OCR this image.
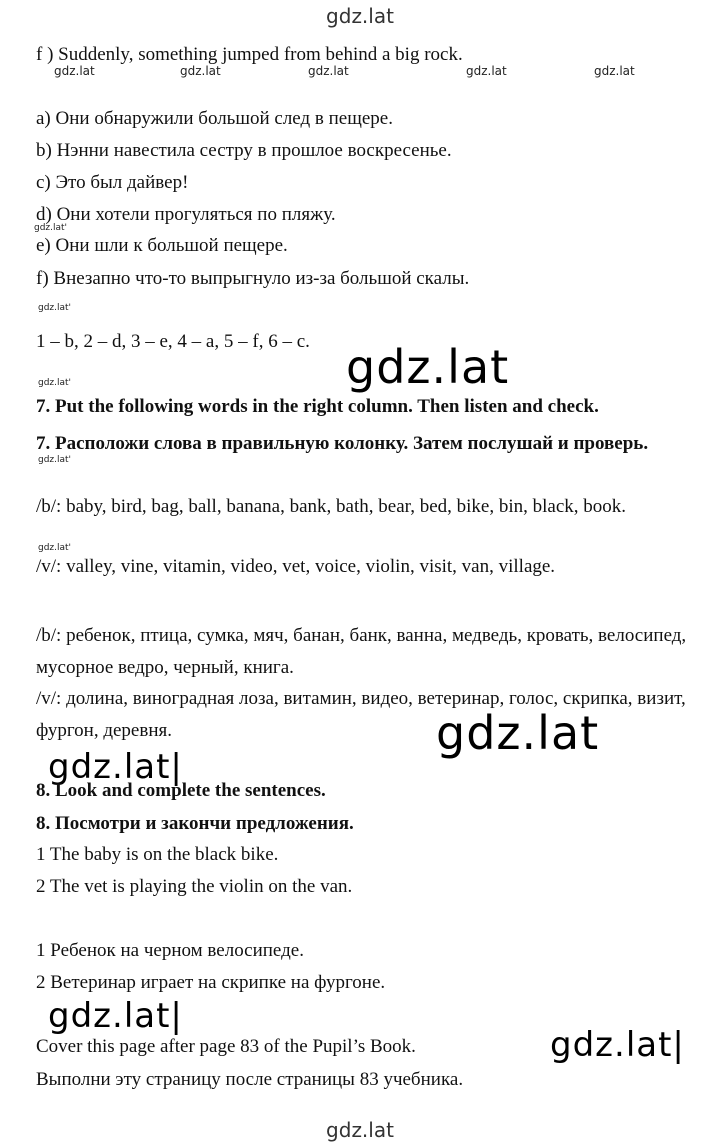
gdz.lat
f ) Suddenly, something jumped from behind a big rock.
gdz.lat	gdz.lat	gdz.lat	gdz.lat	gdz.lat
a) Они обнаружили большой след в пещере.
b) Нэнни навестила сестру в прошлое воскресенье.
c) Это был дайвер!
d) Они хотели прогуляться по пляжу.
gdz.lat'
e) Они шли к большой пещере.
f) Внезапно что-то выпрыгнуло из-за большой скалы.
gdz.lat'
1 – b, 2 – d, 3 – e, 4 – a, 5 – f, 6 – c. gdz.lat
gdz.lat'
7. Put the following words in the right column. Then listen and check.
7. Расположи слова в правильную колонку. Затем послушай и проверь.
gdz.lat'
/b/: baby, bird, bag, ball, banana, bank, bath, bear, bed, bike, bin, black, book.
gdz.lat'
/v/: valley, vine, vitamin, video, vet, voice, violin, visit, van, village.
/b/: ребенок, птица, сумка, мяч, банан, банк, ванна, медведь, кровать, велосипед, мусорное ведро, черный, книга.
/v/: долина, виноградная лоза, витамин, видео, ветеринар, голос, скрипка, визит, фургон, деревня.	gdz.lat
gdz.lat|
8. Look and complete the sentences.
8. Посмотри и закончи предложения.
1 The baby is on the black bike.
2 The vet is playing the violin on the van.
1 Ребенок на черном велосипеде.
2 Ветеринар играет на скрипке на фургоне.
gdz.lat|
Cover this page after page 83 of the Pupil’s Book.	gdz.lat|
Выполни эту страницу после страницы 83 учебника.
gdz.lat
